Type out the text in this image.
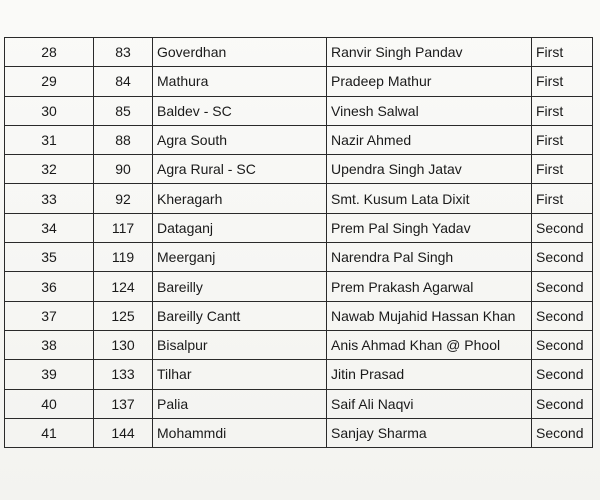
28	83	Goverdhan	Ranvir Singh Pandav	First
29	84	Mathura	Pradeep Mathur	First
30	85	Baldev - SC	Vinesh Salwal	First
31	88	Agra South	Nazir Ahmed	First
32	90	Agra Rural - SC	Upendra Singh Jatav	First
33	92	Kheragarh	Smt. Kusum Lata Dixit	First
34	117	Dataganj	Prem Pal Singh Yadav	Second
35	119	Meerganj	Narendra Pal Singh	Second
36	124	Bareilly	Prem Prakash Agarwal	Second
37	125	Bareilly Cantt	Nawab Mujahid Hassan Khan	Second
38	130	Bisalpur	Anis Ahmad Khan @ Phool	Second
39	133	Tilhar	Jitin Prasad	Second
40	137	Palia	Saif Ali Naqvi	Second
41	144	Mohammdi	Sanjay Sharma	Second
